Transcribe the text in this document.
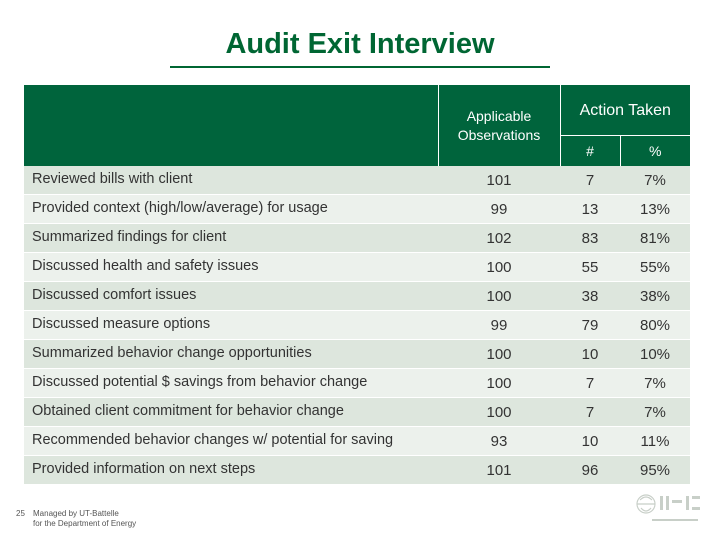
Audit Exit Interview
	Applicable Observations	Action Taken	
		#	%
Reviewed bills with client	101	7	7%
Provided context (high/low/average) for usage	99	13	13%
Summarized findings for client	102	83	81%
Discussed health and safety issues	100	55	55%
Discussed comfort issues	100	38	38%
Discussed measure options	99	79	80%
Summarized behavior change opportunities	100	10	10%
Discussed potential $ savings from behavior change	100	7	7%
Obtained client commitment for behavior change	100	7	7%
Recommended behavior changes w/ potential for saving	93	10	11%
Provided information on next steps	101	96	95%
25 Managed by UT-Battelle
for the Department of Energy
